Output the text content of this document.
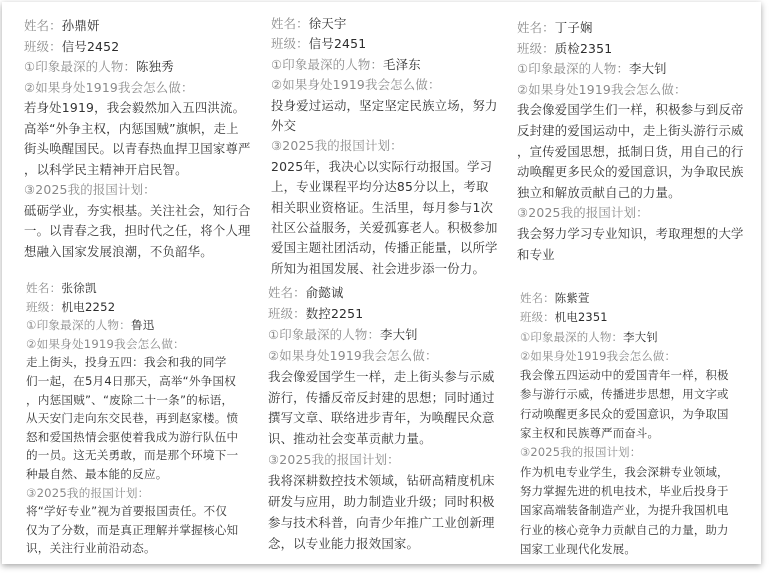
姓名：孙鼎妍
班级：信号2452
①印象最深的人物：陈独秀
②如果身处1919我会怎么做：
若身处1919，我会毅然加入五四洪流。
高举“外争主权，内惩国贼”旗帜，走上
街头唤醒国民。以青春热血捍卫国家尊严
，以科学民主精神开启民智。
③2025我的报国计划：
砥砺学业，夯实根基。关注社会，知行合
一。以青春之我，担时代之任，将个人理
想融入国家发展浪潮，不负韶华。
姓名：徐天宇
班级：信号2451
①印象最深的人物：毛泽东
②如果身处1919我会怎么做：
投身爱过运动，坚定坚定民族立场，努力
外交
③2025我的报国计划：
2025年，我决心以实际行动报国。学习
上，专业课程平均分达85分以上，考取
相关职业资格证。生活里，每月参与1次
社区公益服务，关爱孤寡老人。积极参加
爱国主题社团活动，传播正能量，以所学
所知为祖国发展、社会进步添一份力。
姓名：丁子娴
班级：质检2351
①印象最深的人物：李大钊
②如果身处1919我会怎么做：
我会像爱国学生们一样，积极参与到反帝
反封建的爱国运动中，走上街头游行示威
，宣传爱国思想，抵制日货，用自己的行
动唤醒更多民众的爱国意识，为争取民族
独立和解放贡献自己的力量。
③2025我的报国计划：
我会努力学习专业知识，考取理想的大学
和专业
姓名：张徐凯
班级：机电2252
①印象最深的人物：鲁迅
②如果身处1919我会怎么做：
走上街头，投身五四：我会和我的同学
们一起，在5月4日那天，高举“外争国权
，内惩国贼”、“废除二十一条”的标语，
从天安门走向东交民巷，再到赵家楼。愤
怒和爱国热情会驱使着我成为游行队伍中
的一员。这无关勇敢，而是那个环境下一
种最自然、最本能的反应。
③2025我的报国计划：
将“学好专业”视为首要报国责任。不仅
仅为了分数，而是真正理解并掌握核心知
识，关注行业前沿动态。
姓名：俞懿诚
班级：数控2251
①印象最深的人物：李大钊
②如果身处1919我会怎么做：
我会像爱国学生一样，走上街头参与示威
游行，传播反帝反封建的思想；同时通过
撰写文章、联络进步青年，为唤醒民众意
识、推动社会变革贡献力量。
③2025我的报国计划：
我将深耕数控技术领域，钻研高精度机床
研发与应用，助力制造业升级；同时积极
参与技术科普，向青少年推广工业创新理
念，以专业能力报效国家。
姓名：陈紫萱
班级：机电2351
①印象最深的人物：李大钊
②如果身处1919我会怎么做：
我会像五四运动中的爱国青年一样，积极
参与游行示威，传播进步思想，用文字或
行动唤醒更多民众的爱国意识，为争取国
家主权和民族尊严而奋斗。
③2025我的报国计划：
作为机电专业学生，我会深耕专业领域，
努力掌握先进的机电技术，毕业后投身于
国家高端装备制造产业，为提升我国机电
行业的核心竞争力贡献自己的力量，助力
国家工业现代化发展。
